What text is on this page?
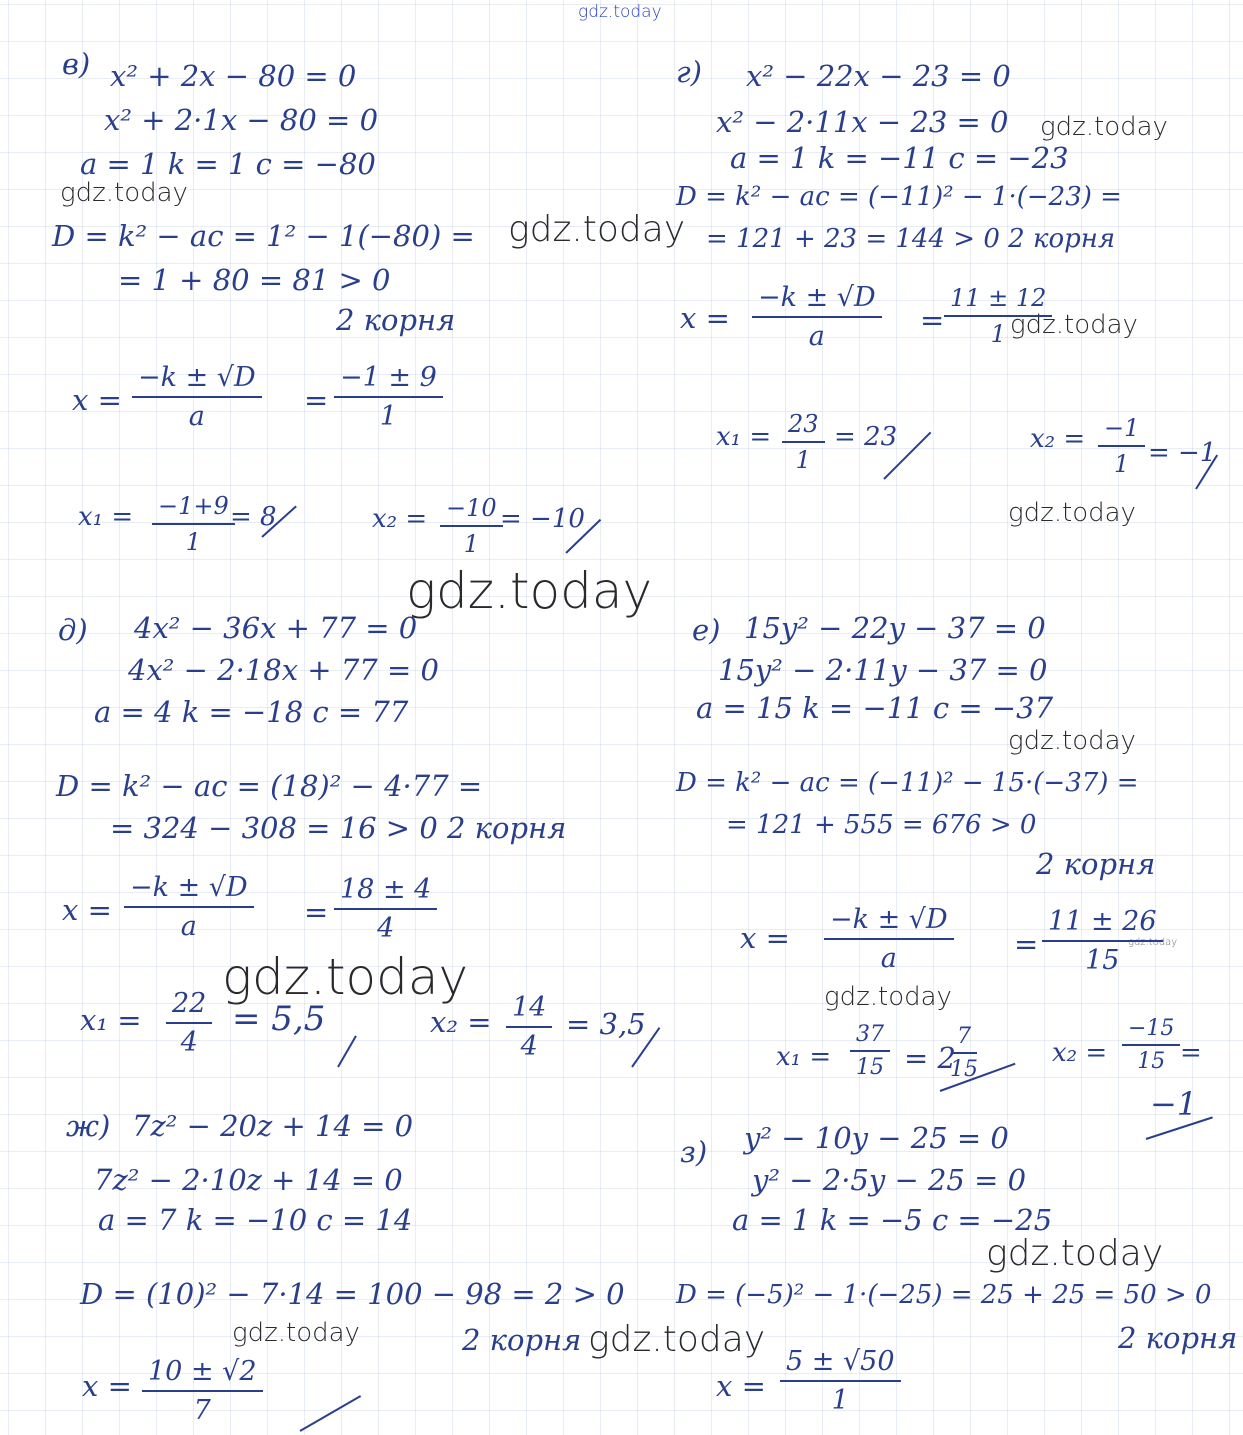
gdz.today
gdz.today
gdz.today
gdz.today
gdz.today
gdz.today
gdz.today
gdz.today
gdz.today
gdz.today	gdz.today
gdz.today
gdz.today	gdz.today
в) x² + 2x − 80 = 0
x² + 2·1x − 80 = 0
a = 1 k = 1 c = −80
D = k² − ac = 1² − 1(−80) =
= 1 + 80 = 81 > 0
2 корня
$x = \frac{-k \pm √D}{a} = \frac{-1 \pm 9}{1}$
$x_1 = \frac{-1+9}{1}$
= 8	$x_2 = \frac{-10}{1}$
= −10
г) x² − 22x − 23 = 0
x² − 2·11x − 23 = 0
a = 1 k = −11 c = −23
D = k² − ac = (−11)² − 1·(−23) =
= 121 + 23 = 144 > 0 2 корня
$x = \frac{-k \pm √D}{a} = \frac{11 \pm 12}{1}$
$x_1 = \frac{23}{1} = 23$	$x_2 = \frac{-1}{1} = -1$
д) 4x² − 36x + 77 = 0
4x² − 2·18x + 77 = 0
a = 4 k = −18 c = 77
D = k² − ac = (18)² − 4·77 =
= 324 − 308 = 16 > 0 2 корня
$x = \frac{-k \pm √D}{a} = \frac{18 \pm 4}{4}$
$x_1 = \frac{22}{4} = 5,5$	$x_2 = \frac{14}{4} = 3,5$
е) 15y² − 22y − 37 = 0
15y² − 2·11y − 37 = 0
a = 15 k = −11 c = −37
D = k² − ac = (−11)² − 15·(−37) =
= 121 + 555 = 676 > 0
2 корня
$x = \frac{-k \pm √D}{a} = \frac{11 \pm 26}{15}$
$x_1 = \frac{37}{15} = 2$
$\frac{7}{15}$	$x_2 = \frac{-15}{15}$ =
−1
ж) 7z² − 20z + 14 = 0
7z² − 2·10z + 14 = 0
a = 7 k = −10 c = 14
D = (10)² − 7·14 = 100 − 98 = 2 > 0
2 корня
$x = \frac{10 \pm √2}{7}$
з) y² − 10y − 25 = 0
y² − 2·5y − 25 = 0
a = 1 k = −5 c = −25
D = (−5)² − 1·(−25) = 25 + 25 = 50 > 0
2 корня
$x = \frac{5 \pm √50}{1}$
